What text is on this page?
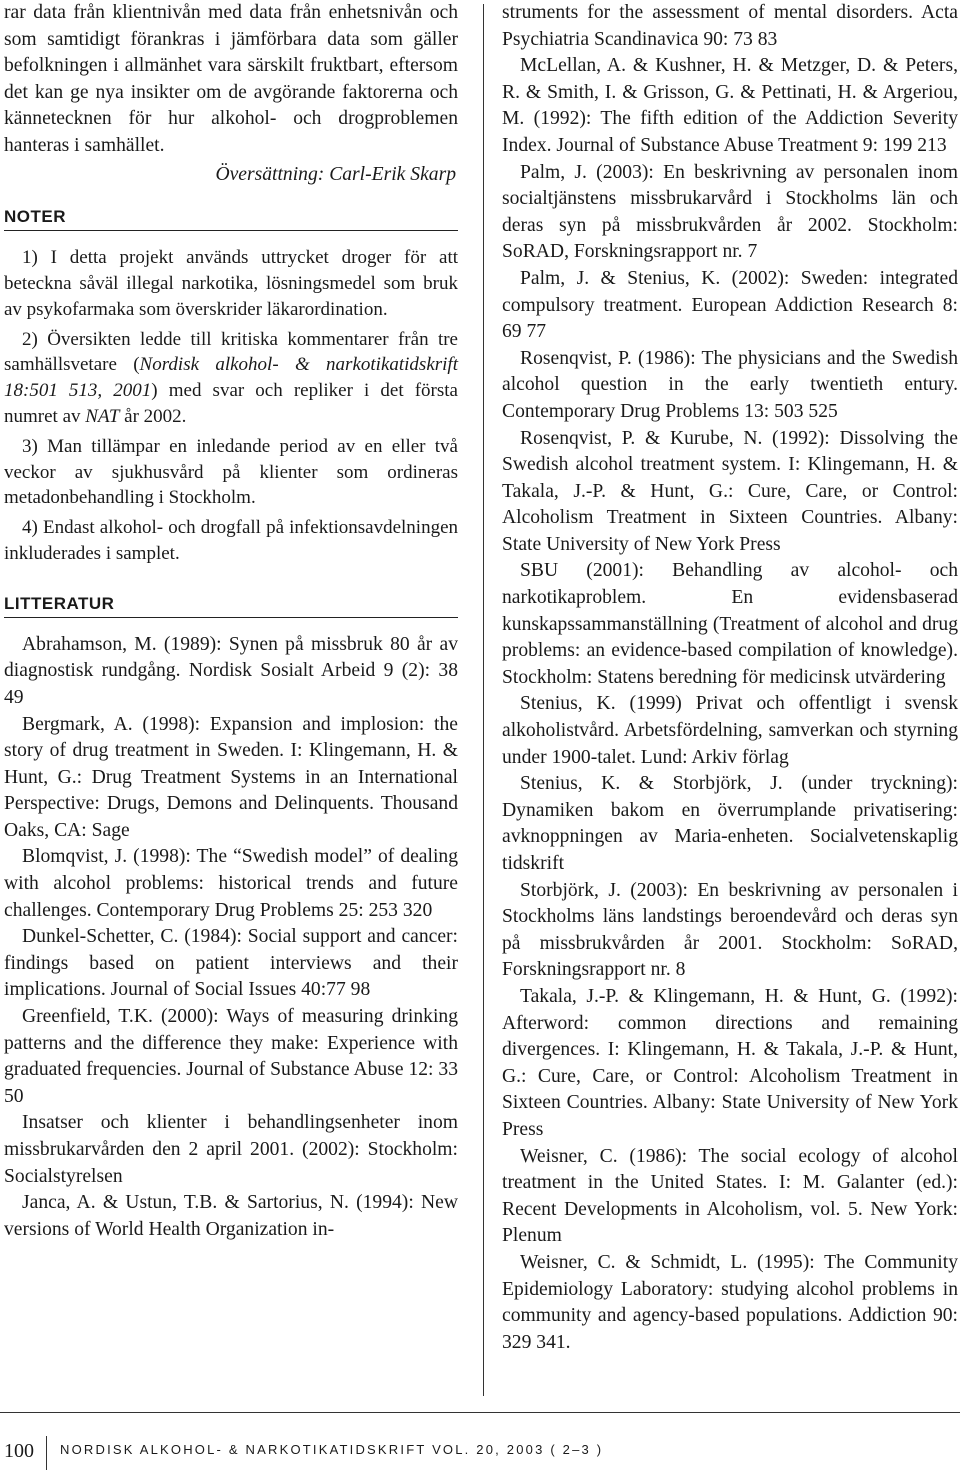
rar data från klientnivån med data från enhetsnivån och som samtidigt förankras i jämförbara data som gäller befolkningen i allmänhet vara särskilt fruktbart, eftersom det kan ge nya insikter om de avgörande faktorerna och kännetecknen för hur alkohol- och drogproblemen hanteras i samhället.

Översättning: Carl-Erik Skarp

NOTER

1) I detta projekt används uttrycket droger för att beteckna såväl illegal narkotika, lösningsmedel som bruk av psykofarmaka som överskrider läkarordination.

2) Översikten ledde till kritiska kommentarer från tre samhällsvetare (Nordisk alkohol- & narkotikatidskrift 18:501 513, 2001) med svar och repliker i det första numret av NAT år 2002.

3) Man tillämpar en inledande period av en eller två veckor av sjukhusvård på klienter som ordineras metadonbehandling i Stockholm.

4) Endast alkohol- och drogfall på infektionsavdelningen inkluderades i samplet.

LITTERATUR

Abrahamson, M. (1989): Synen på missbruk 80 år av diagnostisk rundgång. Nordisk Sosialt Arbeid 9 (2): 38 49

Bergmark, A. (1998): Expansion and implosion: the story of drug treatment in Sweden. I: Klingemann, H. & Hunt, G.: Drug Treatment Systems in an International Perspective: Drugs, Demons and Delinquents. Thousand Oaks, CA: Sage

Blomqvist, J. (1998): The “Swedish model” of dealing with alcohol problems: historical trends and future challenges. Contemporary Drug Problems 25: 253 320

Dunkel-Schetter, C. (1984): Social support and cancer: findings based on patient interviews and their implications. Journal of Social Issues 40:77 98

Greenfield, T.K. (2000): Ways of measuring drinking patterns and the difference they make: Experience with graduated frequencies. Journal of Substance Abuse 12: 33 50

Insatser och klienter i behandlingsenheter inom missbrukarvården den 2 april 2001. (2002): Stockholm: Socialstyrelsen

Janca, A. & Ustun, T.B. & Sartorius, N. (1994): New versions of World Health Organization in-

struments for the assessment of mental disorders. Acta Psychiatria Scandinavica 90: 73 83

McLellan, A. & Kushner, H. & Metzger, D. & Peters, R. & Smith, I. & Grisson, G. & Pettinati, H. & Argeriou, M. (1992): The fifth edition of the Addiction Severity Index. Journal of Substance Abuse Treatment 9: 199 213

Palm, J. (2003): En beskrivning av personalen inom socialtjänstens missbrukarvård i Stockholms län och deras syn på missbrukvården år 2002. Stockholm: SoRAD, Forskningsrapport nr. 7

Palm, J. & Stenius, K. (2002): Sweden: integrated compulsory treatment. European Addiction Research 8: 69 77

Rosenqvist, P. (1986): The physicians and the Swedish alcohol question in the early twentieth entury. Contemporary Drug Problems 13: 503 525

Rosenqvist, P. & Kurube, N. (1992): Dissolving the Swedish alcohol treatment system. I: Klingemann, H. & Takala, J.-P. & Hunt, G.: Cure, Care, or Control: Alcoholism Treatment in Sixteen Countries. Albany: State University of New York Press

SBU (2001): Behandling av alcohol- och narkotikaproblem. En evidensbaserad kunskapssammanställning (Treatment of alcohol and drug problems: an evidence-based compilation of knowledge). Stockholm: Statens beredning för medicinsk utvärdering

Stenius, K. (1999) Privat och offentligt i svensk alkoholistvård. Arbetsfördelning, samverkan och styrning under 1900-talet. Lund: Arkiv förlag

Stenius, K. & Storbjörk, J. (under tryckning): Dynamiken bakom en överrumplande privatisering: avknoppningen av Maria-enheten. Socialvetenskaplig tidskrift

Storbjörk, J. (2003): En beskrivning av personalen i Stockholms läns landstings beroendevård och deras syn på missbrukvården år 2001. Stockholm: SoRAD, Forskningsrapport nr. 8

Takala, J.-P. & Klingemann, H. & Hunt, G. (1992): Afterword: common directions and remaining divergences. I: Klingemann, H. & Takala, J.-P. & Hunt, G.: Cure, Care, or Control: Alcoholism Treatment in Sixteen Countries. Albany: State University of New York Press

Weisner, C. (1986): The social ecology of alcohol treatment in the United States. I: M. Galanter (ed.): Recent Developments in Alcoholism, vol. 5. New York: Plenum

Weisner, C. & Schmidt, L. (1995): The Community Epidemiology Laboratory: studying alcohol problems in community and agency-based populations. Addiction 90: 329 341.

100 NORDISK ALKOHOL- & NARKOTIKATIDSKRIFT VOL. 20, 2003 ( 2–3 )
